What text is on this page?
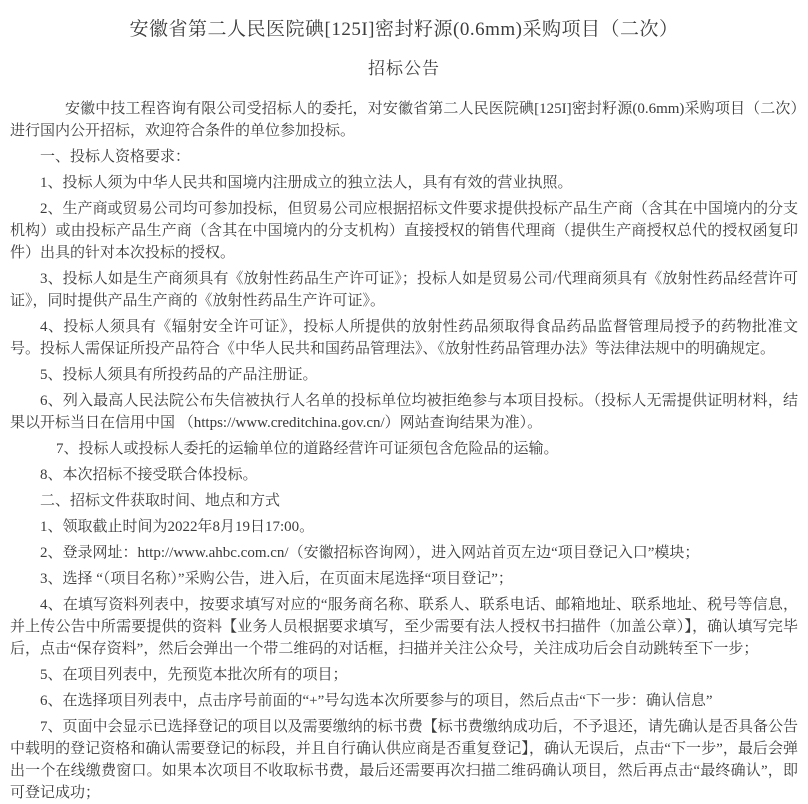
安徽省第二人民医院碘[125I]密封籽源(0.6mm)采购项目（二次）
招标公告

安徽中技工程咨询有限公司受招标人的委托，对安徽省第二人民医院碘[125I]密封籽源(0.6mm)采购项目（二次）进行国内公开招标，欢迎符合条件的单位参加投标。

一、投标人资格要求：

1、投标人须为中华人民共和国境内注册成立的独立法人，具有有效的营业执照。

2、生产商或贸易公司均可参加投标，但贸易公司应根据招标文件要求提供投标产品生产商（含其在中国境内的分支机构）或由投标产品生产商（含其在中国境内的分支机构）直接授权的销售代理商（提供生产商授权总代的授权函复印件）出具的针对本次投标的授权。

3、投标人如是生产商须具有《放射性药品生产许可证》；投标人如是贸易公司/代理商须具有《放射性药品经营许可证》，同时提供产品生产商的《放射性药品生产许可证》。

4、投标人须具有《辐射安全许可证》，投标人所提供的放射性药品须取得食品药品监督管理局授予的药物批准文号。投标人需保证所投产品符合《中华人民共和国药品管理法》、《放射性药品管理办法》等法律法规中的明确规定。

5、投标人须具有所投药品的产品注册证。

6、列入最高人民法院公布失信被执行人名单的投标单位均被拒绝参与本项目投标。（投标人无需提供证明材料，结果以开标当日在信用中国 （https://www.creditchina.gov.cn/）网站查询结果为准）。

7、投标人或投标人委托的运输单位的道路经营许可证须包含危险品的运输。

8、本次招标不接受联合体投标。

二、招标文件获取时间、地点和方式

1、领取截止时间为2022年8月19日17:00。

2、登录网址：http://www.ahbc.com.cn/（安徽招标咨询网），进入网站首页左边“项目登记入口”模块；

3、选择 “（项目名称）”采购公告，进入后，在页面末尾选择“项目登记”；

4、在填写资料列表中，按要求填写对应的“服务商名称、联系人、联系电话、邮箱地址、联系地址、税号等信息，并上传公告中所需要提供的资料【业务人员根据要求填写，至少需要有法人授权书扫描件（加盖公章）】，确认填写完毕后，点击“保存资料”，然后会弹出一个带二维码的对话框，扫描并关注公众号，关注成功后会自动跳转至下一步；

5、在项目列表中，先预览本批次所有的项目；

6、在选择项目列表中，点击序号前面的“+”号勾选本次所要参与的项目，然后点击“下一步：确认信息”

7、页面中会显示已选择登记的项目以及需要缴纳的标书费【标书费缴纳成功后，不予退还，请先确认是否具备公告中载明的登记资格和确认需要登记的标段，并且自行确认供应商是否重复登记】，确认无误后，点击“下一步”，最后会弹出一个在线缴费窗口。如果本次项目不收取标书费，最后还需要再次扫描二维码确认项目，然后再点击“最终确认”，即可登记成功；
